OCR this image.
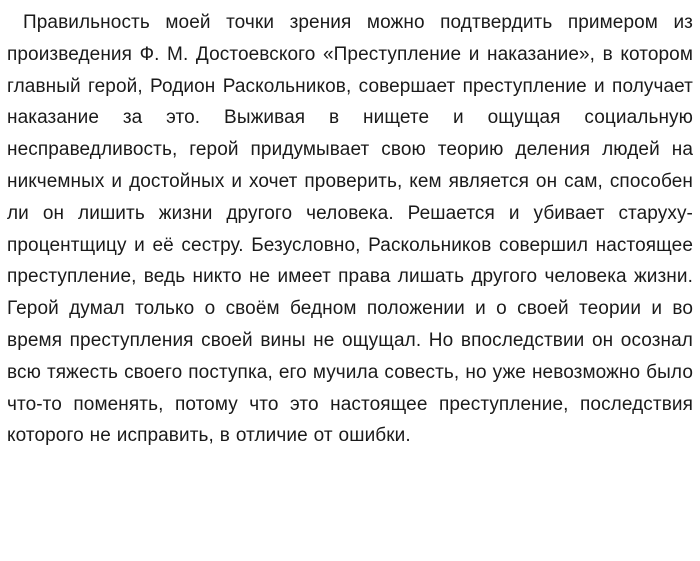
Правильность моей точки зрения можно подтвердить примером из произведения Ф. М. Достоевского «Преступление и наказание», в котором главный герой, Родион Раскольников, совершает преступление и получает наказание за это. Выживая в нищете и ощущая социальную несправедливость, герой придумывает свою теорию деления людей на никчемных и достойных и хочет проверить, кем является он сам, способен ли он лишить жизни другого человека. Решается и убивает старуху-процентщицу и её сестру. Безусловно, Раскольников совершил настоящее преступление, ведь никто не имеет права лишать другого человека жизни. Герой думал только о своём бедном положении и о своей теории и во время преступления своей вины не ощущал. Но впоследствии он осознал всю тяжесть своего поступка, его мучила совесть, но уже невозможно было что-то поменять, потому что это настоящее преступление, последствия которого не исправить, в отличие от ошибки.
